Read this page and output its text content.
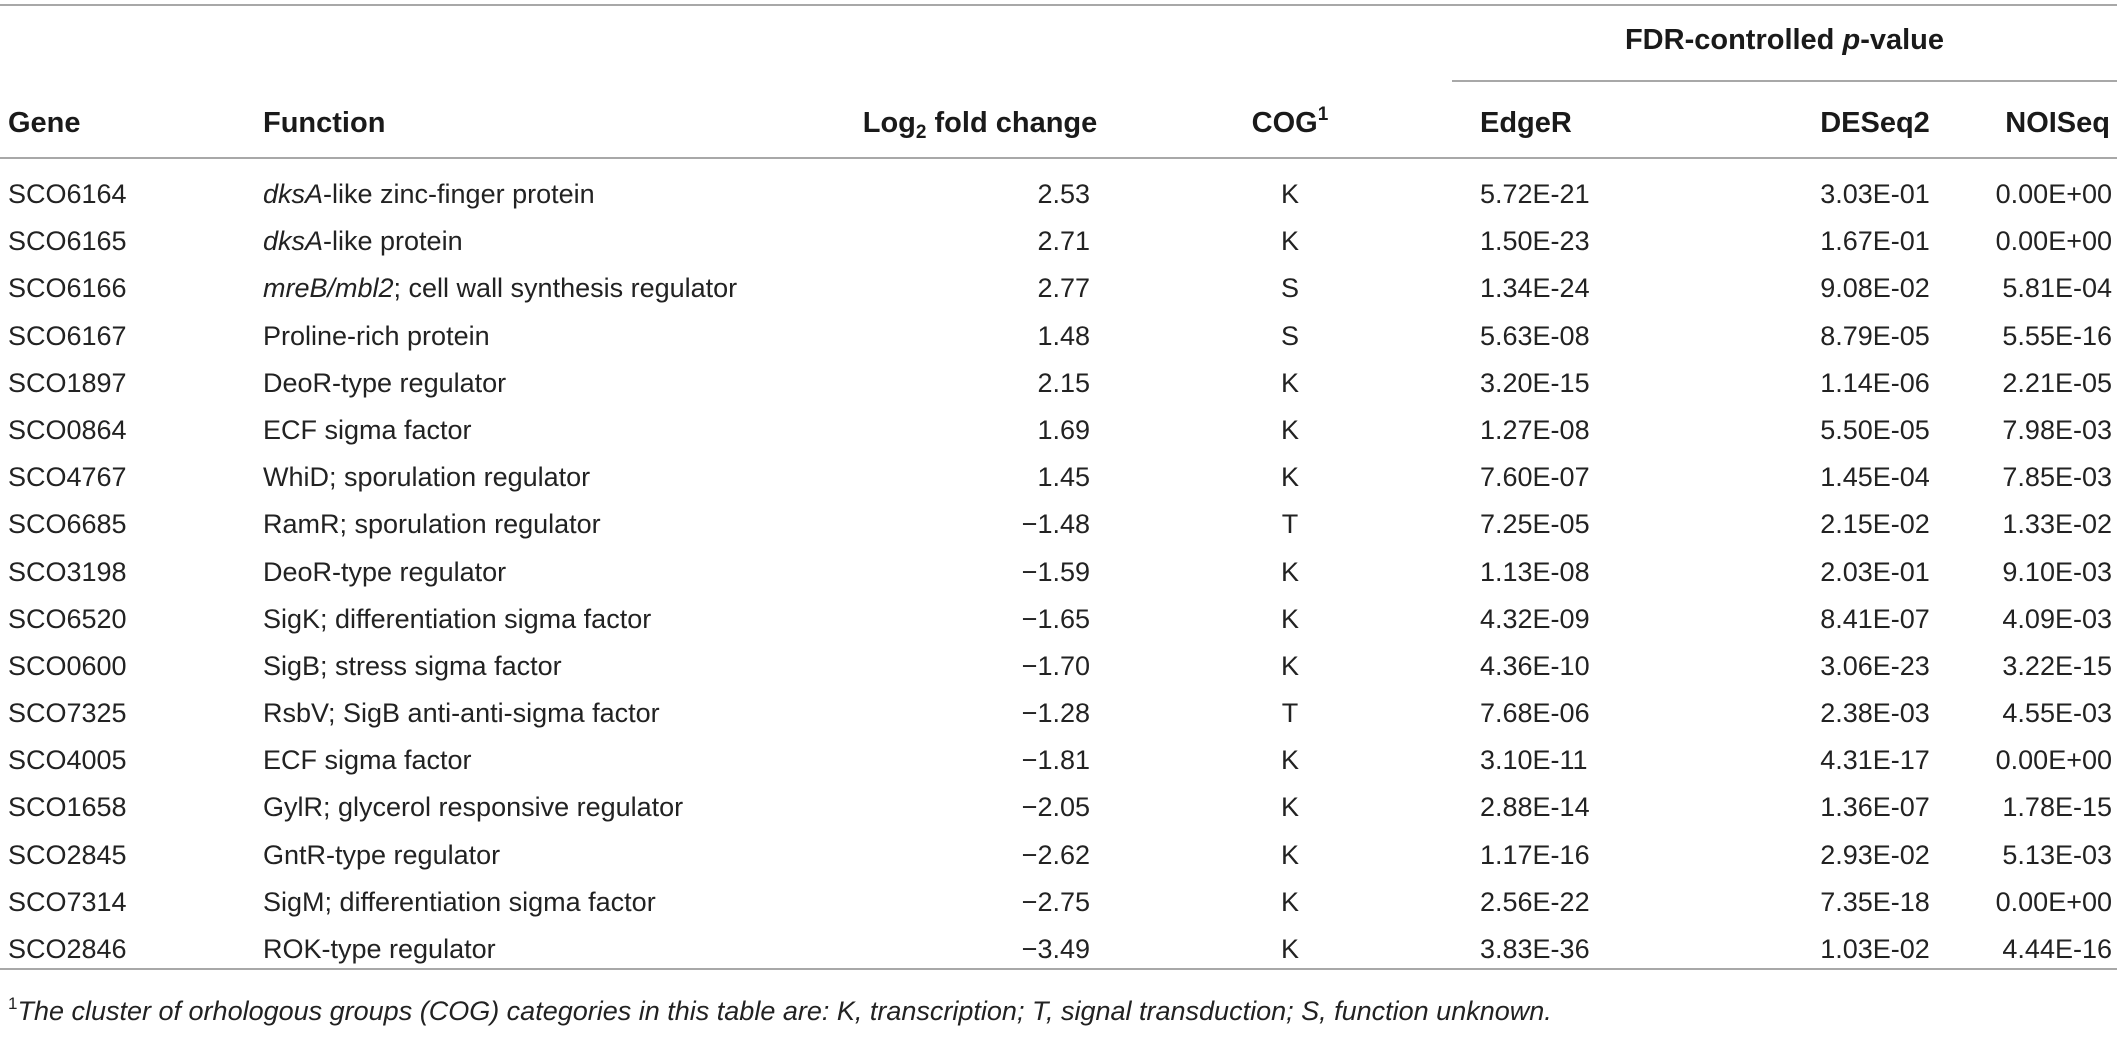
FDR-controlled p-value
Gene	Function	Log$_2$ fold change	COG$^1$	EdgeR	DESeq2	NOISeq
SCO6164	dksA-like zinc-finger protein	2.53	K	5.72E-21	3.03E-01	0.00E+00
SCO6165	dksA-like protein	2.71	K	1.50E-23	1.67E-01	0.00E+00
SCO6166	mreB/mbl2; cell wall synthesis regulator	2.77	S	1.34E-24	9.08E-02	5.81E-04
SCO6167	Proline-rich protein	1.48	S	5.63E-08	8.79E-05	5.55E-16
SCO1897	DeoR-type regulator	2.15	K	3.20E-15	1.14E-06	2.21E-05
SCO0864	ECF sigma factor	1.69	K	1.27E-08	5.50E-05	7.98E-03
SCO4767	WhiD; sporulation regulator	1.45	K	7.60E-07	1.45E-04	7.85E-03
SCO6685	RamR; sporulation regulator	−1.48	T	7.25E-05	2.15E-02	1.33E-02
SCO3198	DeoR-type regulator	−1.59	K	1.13E-08	2.03E-01	9.10E-03
SCO6520	SigK; differentiation sigma factor	−1.65	K	4.32E-09	8.41E-07	4.09E-03
SCO0600	SigB; stress sigma factor	−1.70	K	4.36E-10	3.06E-23	3.22E-15
SCO7325	RsbV; SigB anti-anti-sigma factor	−1.28	T	7.68E-06	2.38E-03	4.55E-03
SCO4005	ECF sigma factor	−1.81	K	3.10E-11	4.31E-17	0.00E+00
SCO1658	GylR; glycerol responsive regulator	−2.05	K	2.88E-14	1.36E-07	1.78E-15
SCO2845	GntR-type regulator	−2.62	K	1.17E-16	2.93E-02	5.13E-03
SCO7314	SigM; differentiation sigma factor	−2.75	K	2.56E-22	7.35E-18	0.00E+00
SCO2846	ROK-type regulator	−3.49	K	3.83E-36	1.03E-02	4.44E-16
$^1$The cluster of orhologous groups (COG) categories in this table are: K, transcription; T, signal transduction; S, function unknown.
